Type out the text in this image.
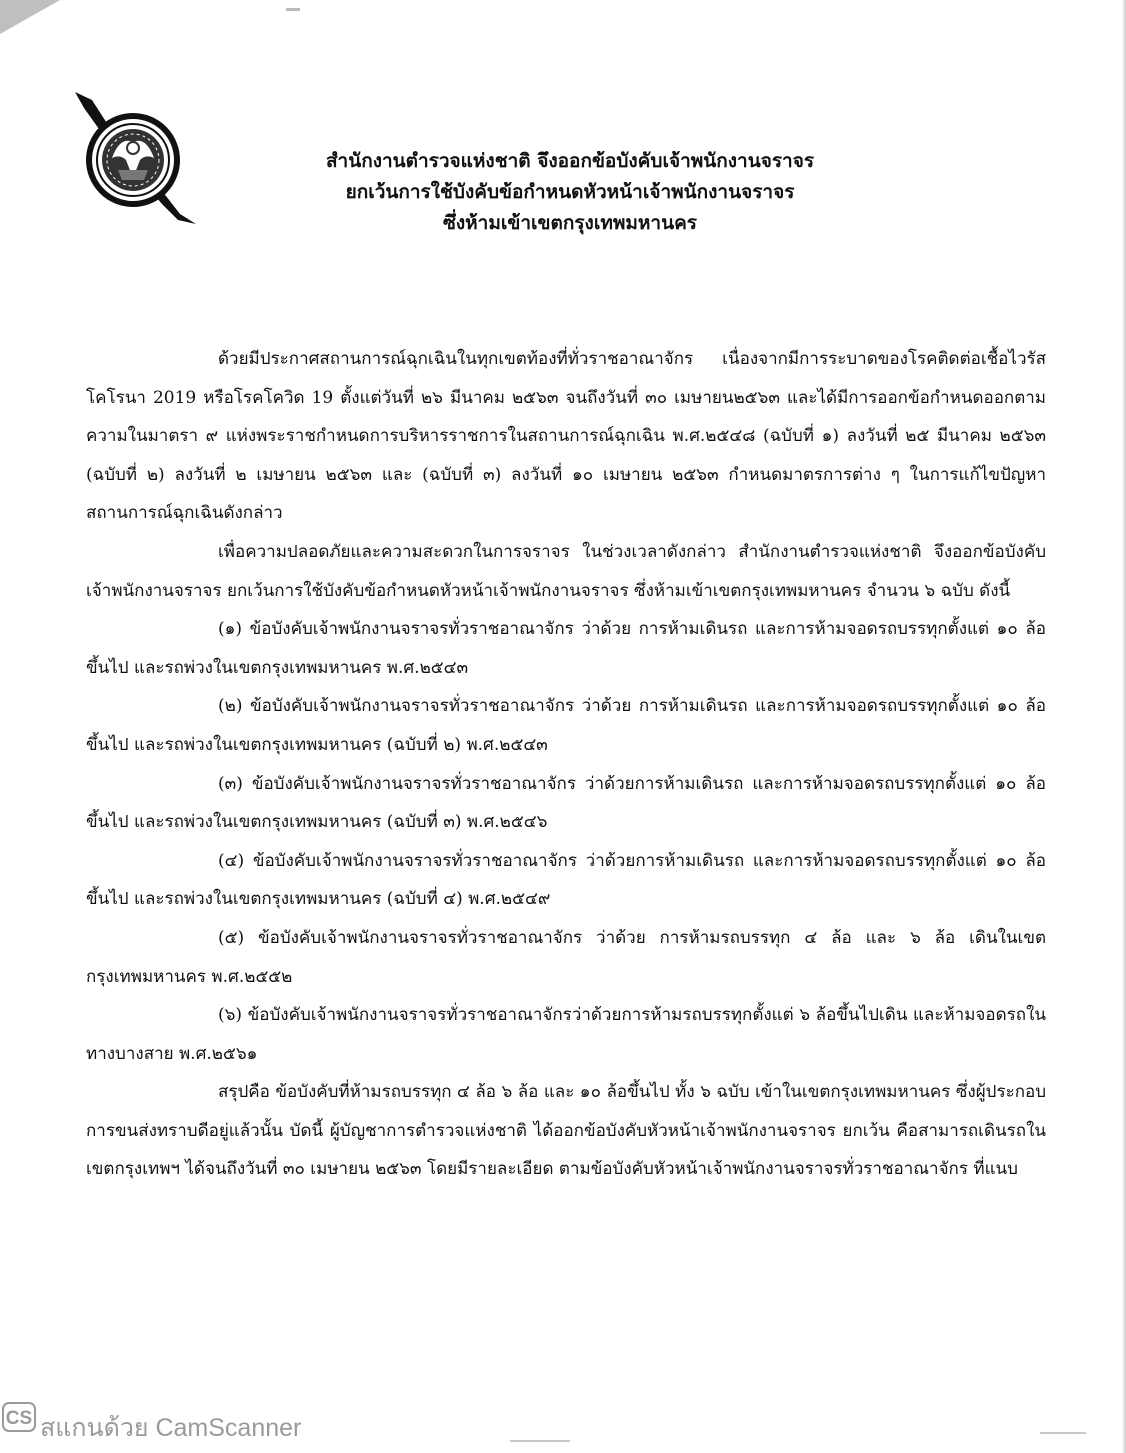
สำนักงานตำรวจแห่งชาติ จึงออกข้อบังคับเจ้าพนักงานจราจร
ยกเว้นการใช้บังคับข้อกำหนดหัวหน้าเจ้าพนักงานจราจร
ซึ่งห้ามเข้าเขตกรุงเทพมหานคร

ด้วยมีประกาศสถานการณ์ฉุกเฉินในทุกเขตท้องที่ทั่วราชอาณาจักร เนื่องจากมีการระบาดของโรคติดต่อเชื้อไวรัสโคโรนา 2019 หรือโรคโควิด 19 ตั้งแต่วันที่ ๒๖ มีนาคม ๒๕๖๓ จนถึงวันที่ ๓๐ เมษายน๒๕๖๓ และได้มีการออกข้อกำหนดออกตามความในมาตรา ๙ แห่งพระราชกำหนดการบริหารราชการในสถานการณ์ฉุกเฉิน พ.ศ.๒๕๔๘ (ฉบับที่ ๑) ลงวันที่ ๒๕ มีนาคม ๒๕๖๓ (ฉบับที่ ๒) ลงวันที่ ๒ เมษายน ๒๕๖๓ และ (ฉบับที่ ๓) ลงวันที่ ๑๐ เมษายน ๒๕๖๓ กำหนดมาตรการต่าง ๆ ในการแก้ไขปัญหาสถานการณ์ฉุกเฉินดังกล่าว

เพื่อความปลอดภัยและความสะดวกในการจราจร ในช่วงเวลาดังกล่าว สำนักงานตำรวจแห่งชาติ จึงออกข้อบังคับเจ้าพนักงานจราจร ยกเว้นการใช้บังคับข้อกำหนดหัวหน้าเจ้าพนักงานจราจร ซึ่งห้ามเข้าเขตกรุงเทพมหานคร จำนวน ๖ ฉบับ ดังนี้

(๑) ข้อบังคับเจ้าพนักงานจราจรทั่วราชอาณาจักร ว่าด้วย การห้ามเดินรถ และการห้ามจอดรถบรรทุกตั้งแต่ ๑๐ ล้อขึ้นไป และรถพ่วงในเขตกรุงเทพมหานคร พ.ศ.๒๕๔๓

(๒) ข้อบังคับเจ้าพนักงานจราจรทั่วราชอาณาจักร ว่าด้วย การห้ามเดินรถ และการห้ามจอดรถบรรทุกตั้งแต่ ๑๐ ล้อขึ้นไป และรถพ่วงในเขตกรุงเทพมหานคร (ฉบับที่ ๒) พ.ศ.๒๕๔๓

(๓) ข้อบังคับเจ้าพนักงานจราจรทั่วราชอาณาจักร ว่าด้วยการห้ามเดินรถ และการห้ามจอดรถบรรทุกตั้งแต่ ๑๐ ล้อขึ้นไป และรถพ่วงในเขตกรุงเทพมหานคร (ฉบับที่ ๓) พ.ศ.๒๕๔๖

(๔) ข้อบังคับเจ้าพนักงานจราจรทั่วราชอาณาจักร ว่าด้วยการห้ามเดินรถ และการห้ามจอดรถบรรทุกตั้งแต่ ๑๐ ล้อขึ้นไป และรถพ่วงในเขตกรุงเทพมหานคร (ฉบับที่ ๔) พ.ศ.๒๕๔๙

(๕) ข้อบังคับเจ้าพนักงานจราจรทั่วราชอาณาจักร ว่าด้วย การห้ามรถบรรทุก ๔ ล้อ และ ๖ ล้อ เดินในเขตกรุงเทพมหานคร พ.ศ.๒๕๕๒

(๖) ข้อบังคับเจ้าพนักงานจราจรทั่วราชอาณาจักรว่าด้วยการห้ามรถบรรทุกตั้งแต่ ๖ ล้อขึ้นไปเดิน และห้ามจอดรถในทางบางสาย พ.ศ.๒๕๖๑

สรุปคือ ข้อบังคับที่ห้ามรถบรรทุก ๔ ล้อ ๖ ล้อ และ ๑๐ ล้อขึ้นไป ทั้ง ๖ ฉบับ เข้าในเขตกรุงเทพมหานคร ซึ่งผู้ประกอบการขนส่งทราบดีอยู่แล้วนั้น บัดนี้ ผู้บัญชาการตำรวจแห่งชาติ ได้ออกข้อบังคับหัวหน้าเจ้าพนักงานจราจร ยกเว้น คือสามารถเดินรถในเขตกรุงเทพฯ ได้จนถึงวันที่ ๓๐ เมษายน ๒๕๖๓ โดยมีรายละเอียด ตามข้อบังคับหัวหน้าเจ้าพนักงานจราจรทั่วราชอาณาจักร ที่แนบ

CS สแกนด้วย CamScanner
